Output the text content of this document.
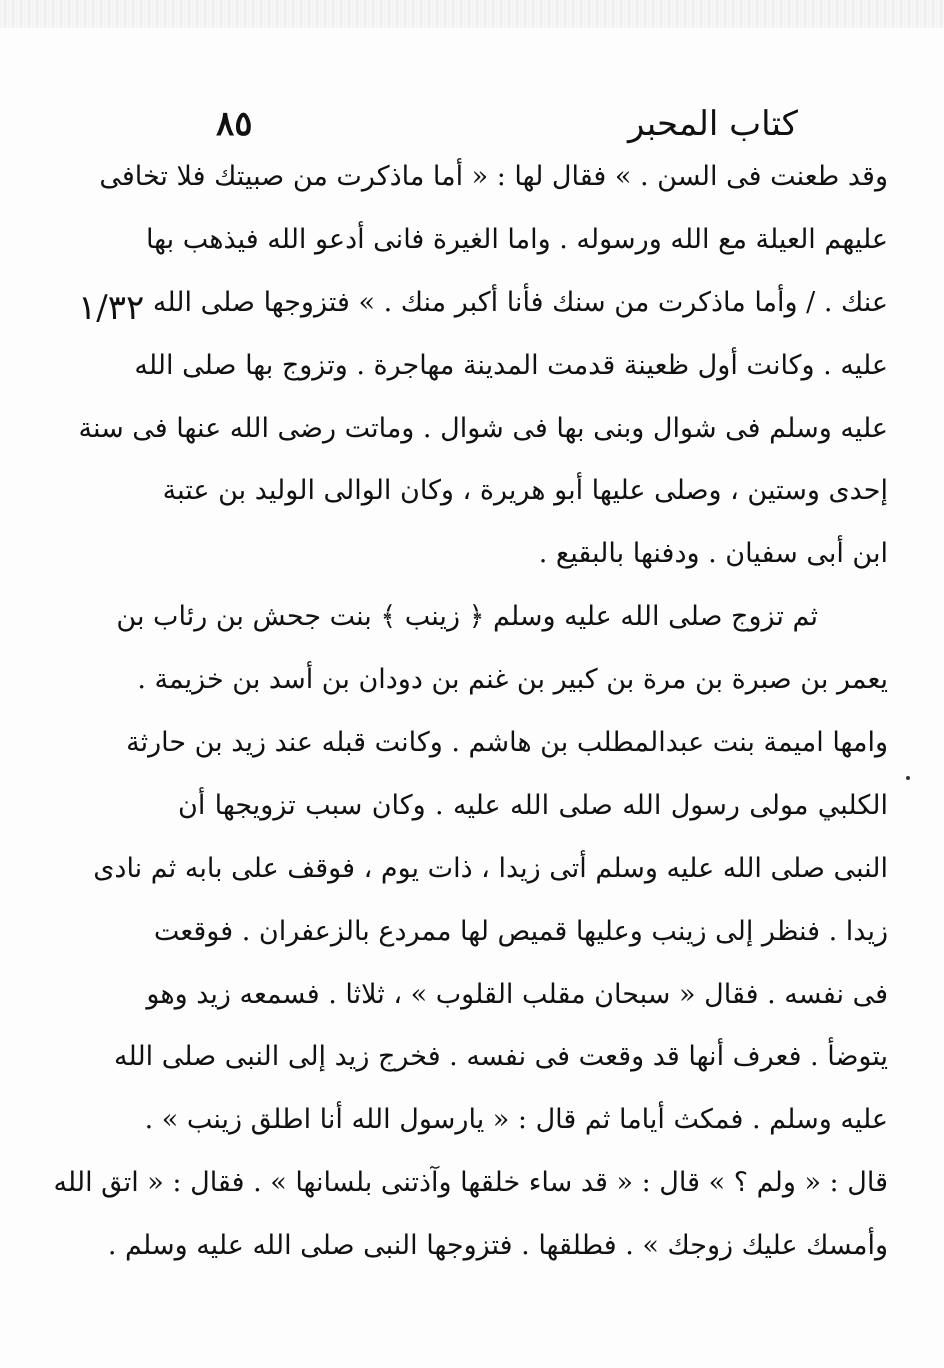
كتاب المحبر
٨٥
١/٣٢
وقد طعنت فى السن . » فقال لها : « أما ماذكرت من صبيتك فلا تخافى
عليهم العيلة مع الله ورسوله . واما الغيرة فانى أدعو الله فيذهب بها
عنك . / وأما ماذكرت من سنك فأنا أكبر منك . » فتزوجها صلى الله
عليه . وكانت أول ظعينة قدمت المدينة مهاجرة . وتزوج بها صلى الله
عليه وسلم فى شوال وبنى بها فى شوال . وماتت رضى الله عنها فى سنة
إحدى وستين ، وصلى عليها أبو هريرة ، وكان الوالى الوليد بن عتبة
ابن أبى سفيان . ودفنها بالبقيع .
ثم تزوج صلى الله عليه وسلم ﴿ زينب ﴾ بنت جحش بن رئاب بن
يعمر بن صبرة بن مرة بن كبير بن غنم بن دودان بن أسد بن خزيمة .
وامها اميمة بنت عبدالمطلب بن هاشم . وكانت قبله عند زيد بن حارثة
الكلبي مولى رسول الله صلى الله عليه . وكان سبب تزويجها أن
النبى صلى الله عليه وسلم أتى زيدا ، ذات يوم ، فوقف على بابه ثم نادى
زيدا . فنظر إلى زينب وعليها قميص لها ممردع بالزعفران . فوقعت
فى نفسه . فقال « سبحان مقلب القلوب » ، ثلاثا . فسمعه زيد وهو
يتوضأ . فعرف أنها قد وقعت فى نفسه . فخرج زيد إلى النبى صلى الله
عليه وسلم . فمكث أياما ثم قال : « يارسول الله أنا اطلق زينب » .
قال : « ولم ؟ » قال : « قد ساء خلقها وآذتنى بلسانها » . فقال : « اتق الله
وأمسك عليك زوجك » . فطلقها . فتزوجها النبى صلى الله عليه وسلم .
